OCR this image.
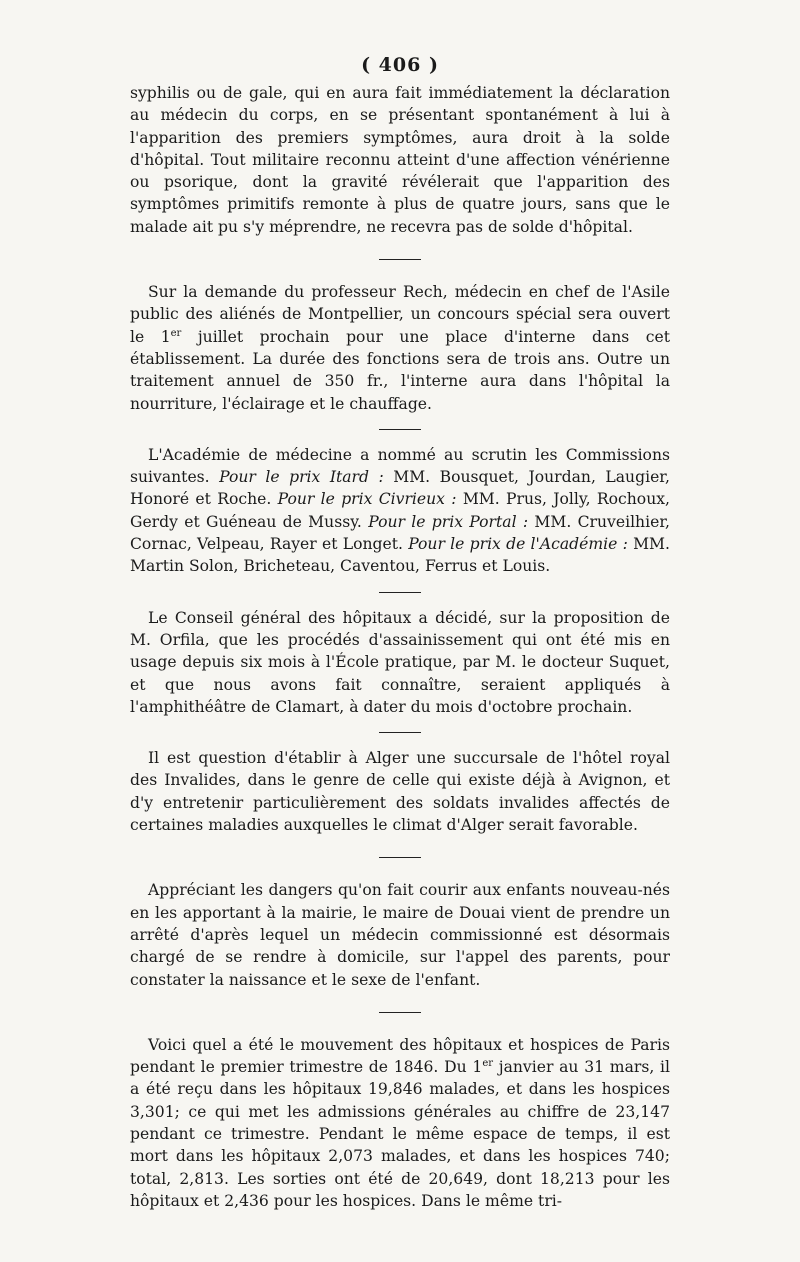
( 406 )

syphilis ou de gale, qui en aura fait immédiatement la déclaration au médecin du corps, en se présentant spontanément à lui à l'apparition des premiers symptômes, aura droit à la solde d'hôpital. Tout militaire reconnu atteint d'une affection vénérienne ou psorique, dont la gravité révélerait que l'apparition des symptômes primitifs remonte à plus de quatre jours, sans que le malade ait pu s'y méprendre, ne recevra pas de solde d'hôpital.

Sur la demande du professeur Rech, médecin en chef de l'Asile public des aliénés de Montpellier, un concours spécial sera ouvert le 1er juillet prochain pour une place d'interne dans cet établissement. La durée des fonctions sera de trois ans. Outre un traitement annuel de 350 fr., l'interne aura dans l'hôpital la nourriture, l'éclairage et le chauffage.

L'Académie de médecine a nommé au scrutin les Commissions suivantes. Pour le prix Itard : MM. Bousquet, Jourdan, Laugier, Honoré et Roche. Pour le prix Civrieux : MM. Prus, Jolly, Rochoux, Gerdy et Guéneau de Mussy. Pour le prix Portal : MM. Cruveilhier, Cornac, Velpeau, Rayer et Longet. Pour le prix de l'Académie : MM. Martin Solon, Bricheteau, Caventou, Ferrus et Louis.

Le Conseil général des hôpitaux a décidé, sur la proposition de M. Orfila, que les procédés d'assainissement qui ont été mis en usage depuis six mois à l'École pratique, par M. le docteur Suquet, et que nous avons fait connaître, seraient appliqués à l'amphithéâtre de Clamart, à dater du mois d'octobre prochain.

Il est question d'établir à Alger une succursale de l'hôtel royal des Invalides, dans le genre de celle qui existe déjà à Avignon, et d'y entretenir particulièrement des soldats invalides affectés de certaines maladies auxquelles le climat d'Alger serait favorable.

Appréciant les dangers qu'on fait courir aux enfants nouveau-nés en les apportant à la mairie, le maire de Douai vient de prendre un arrêté d'après lequel un médecin commissionné est désormais chargé de se rendre à domicile, sur l'appel des parents, pour constater la naissance et le sexe de l'enfant.

Voici quel a été le mouvement des hôpitaux et hospices de Paris pendant le premier trimestre de 1846. Du 1er janvier au 31 mars, il a été reçu dans les hôpitaux 19,846 malades, et dans les hospices 3,301; ce qui met les admissions générales au chiffre de 23,147 pendant ce trimestre. Pendant le même espace de temps, il est mort dans les hôpitaux 2,073 malades, et dans les hospices 740; total, 2,813. Les sorties ont été de 20,649, dont 18,213 pour les hôpitaux et 2,436 pour les hospices. Dans le même tri-
